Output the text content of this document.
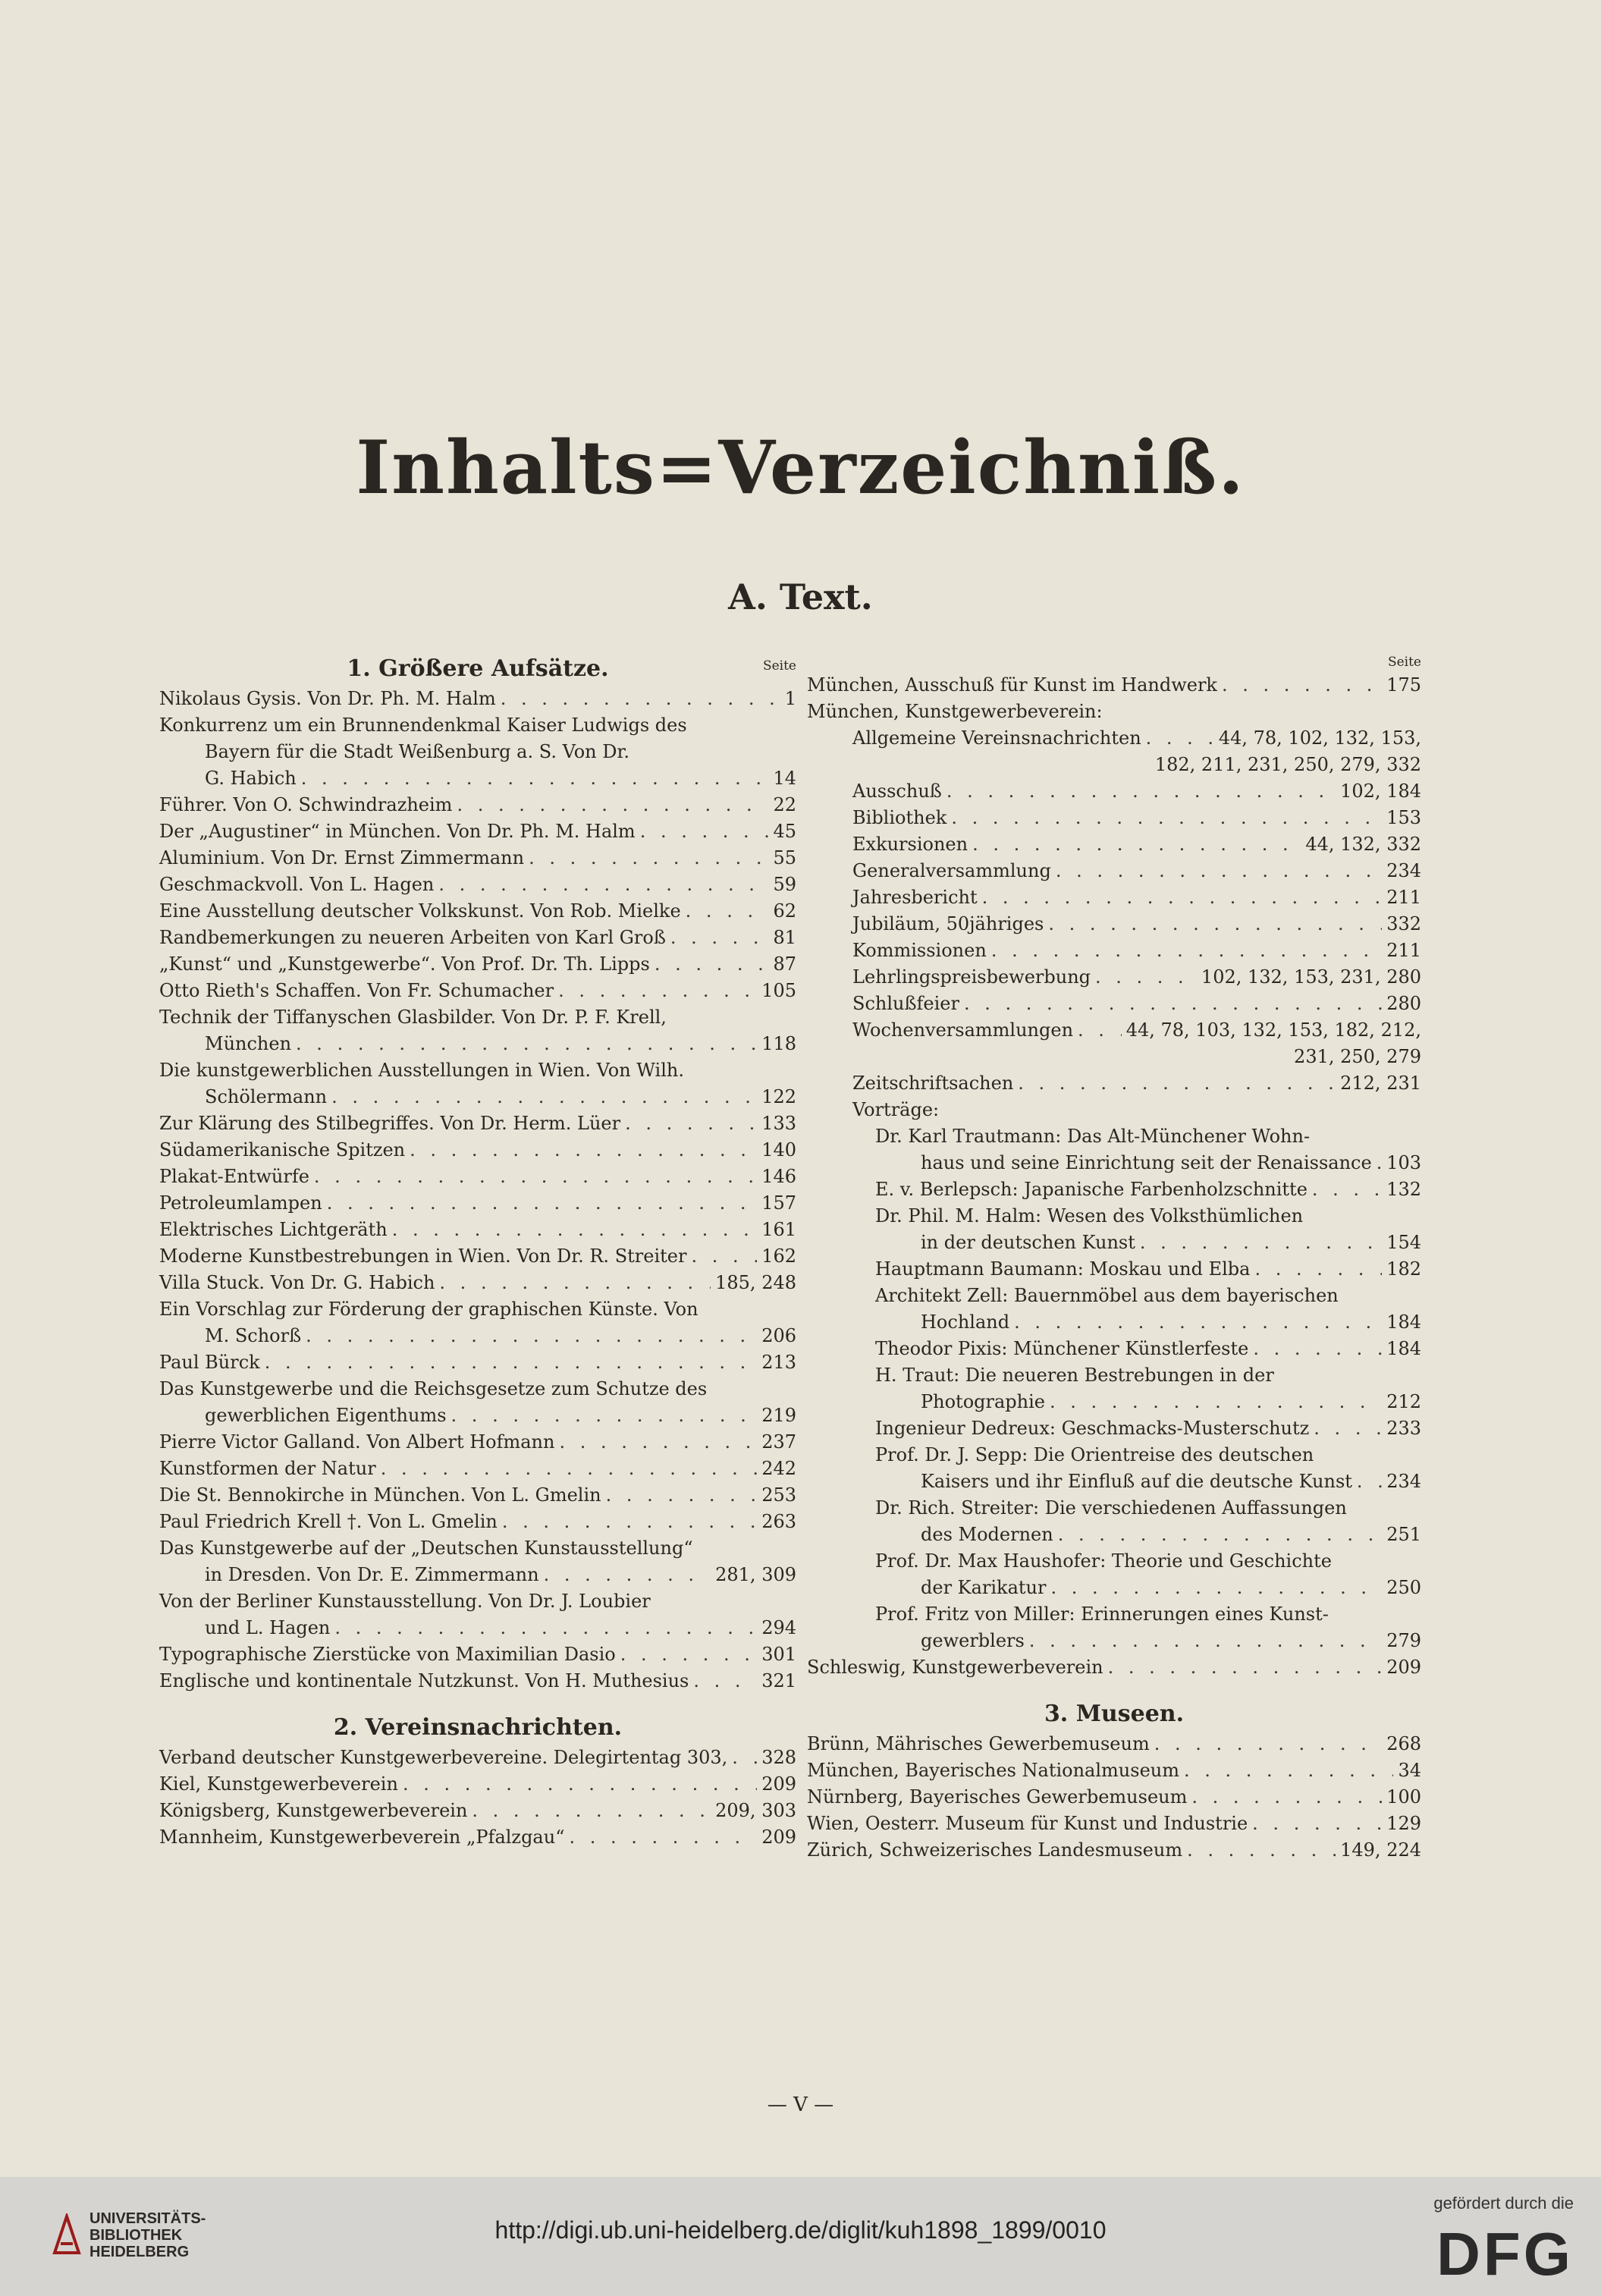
Inhalts=Verzeichniß.
A. Text.
1. Größere Aufsätze.	Seite
Nikolaus Gysis. Von Dr. Ph. M. Halm . . .	1
Konkurrenz um ein Brunnendenkmal Kaiser Ludwigs des
Bayern für die Stadt Weißenburg a. S. Von Dr.
G. Habich . . .	14
Führer. Von O. Schwindrazheim . . .	22
Der „Augustiner“ in München. Von Dr. Ph. M. Halm . . .	45
Aluminium. Von Dr. Ernst Zimmermann . . .	55
Geschmackvoll. Von L. Hagen . . .	59
Eine Ausstellung deutscher Volkskunst. Von Rob. Mielke . . .	62
Randbemerkungen zu neueren Arbeiten von Karl Groß . . .	81
„Kunst“ und „Kunstgewerbe“. Von Prof. Dr. Th. Lipps . . .	87
Otto Rieth's Schaffen. Von Fr. Schumacher . . .	105
Technik der Tiffanyschen Glasbilder. Von Dr. P. F. Krell,
München . . .	118
Die kunstgewerblichen Ausstellungen in Wien. Von Wilh.
Schölermann . . .	122
Zur Klärung des Stilbegriffes. Von Dr. Herm. Lüer . . .	133
Südamerikanische Spitzen . . .	140
Plakat-Entwürfe . . .	146
Petroleumlampen . . .	157
Elektrisches Lichtgeräth . . .	161
Moderne Kunstbestrebungen in Wien. Von Dr. R. Streiter . . .	162
Villa Stuck. Von Dr. G. Habich . . .	185, 248
Ein Vorschlag zur Förderung der graphischen Künste. Von
M. Schorß . . .	206
Paul Bürck . . .	213
Das Kunstgewerbe und die Reichsgesetze zum Schutze des
gewerblichen Eigenthums . . .	219
Pierre Victor Galland. Von Albert Hofmann . . .	237
Kunstformen der Natur . . .	242
Die St. Bennokirche in München. Von L. Gmelin . . .	253
Paul Friedrich Krell †. Von L. Gmelin . . .	263
Das Kunstgewerbe auf der „Deutschen Kunstausstellung“
in Dresden. Von Dr. E. Zimmermann . . .	281, 309
Von der Berliner Kunstausstellung. Von Dr. J. Loubier
und L. Hagen . . .	294
Typographische Zierstücke von Maximilian Dasio . . .	301
Englische und kontinentale Nutzkunst. Von H. Muthesius . . .	321
2. Vereinsnachrichten.
Verband deutscher Kunstgewerbevereine. Delegirtentag 303, . . . 328
Kiel, Kunstgewerbeverein . . .	209
Königsberg, Kunstgewerbeverein . . .	209, 303
Mannheim, Kunstgewerbeverein „Pfalzgau“ . . .	209
Seite
München, Ausschuß für Kunst im Handwerk . . .	175
München, Kunstgewerbeverein:
Allgemeine Vereinsnachrichten . . .	44, 78, 102, 132, 153,
182, 211, 231, 250, 279, 332
Ausschuß . . .	102, 184
Bibliothek . . .	153
Exkursionen . . .	44, 132, 332
Generalversammlung . . .	234
Jahresbericht . . .	211
Jubiläum, 50jähriges . . .	332
Kommissionen . . .	211
Lehrlingspreisbewerbung . . .	102, 132, 153, 231, 280
Schlußfeier . . .	280
Wochenversammlungen . . .	44, 78, 103, 132, 153, 182, 212,
231, 250, 279
Zeitschriftsachen . . .	212, 231
Vorträge:
Dr. Karl Trautmann: Das Alt-Münchener Wohn-
haus und seine Einrichtung seit der Renaissance . . . 103
E. v. Berlepsch: Japanische Farbenholzschnitte . . .	132
Dr. Phil. M. Halm: Wesen des Volksthümlichen
in der deutschen Kunst . . .	154
Hauptmann Baumann: Moskau und Elba . . .	182
Architekt Zell: Bauernmöbel aus dem bayerischen
Hochland . . .	184
Theodor Pixis: Münchener Künstlerfeste . . .	184
H. Traut: Die neueren Bestrebungen in der
Photographie . . .	212
Ingenieur Dedreux: Geschmacks-Musterschutz . . .	233
Prof. Dr. J. Sepp: Die Orientreise des deutschen
Kaisers und ihr Einfluß auf die deutsche Kunst . . . 234
Dr. Rich. Streiter: Die verschiedenen Auffassungen
des Modernen . . .	251
Prof. Dr. Max Haushofer: Theorie und Geschichte
der Karikatur . . .	250
Prof. Fritz von Miller: Erinnerungen eines Kunst-
gewerblers . . .	279
Schleswig, Kunstgewerbeverein . . .	209
3. Museen.
Brünn, Mährisches Gewerbemuseum . . .	268
München, Bayerisches Nationalmuseum . . .	34
Nürnberg, Bayerisches Gewerbemuseum . . .	100
Wien, Oesterr. Museum für Kunst und Industrie . . .	129
Zürich, Schweizerisches Landesmuseum . . .	149, 224
— V —
UNIVERSITÄTS-
BIBLIOTHEK
HEIDELBERG
http://digi.ub.uni-heidelberg.de/diglit/kuh1898_1899/0010
gefördert durch die
DFG
